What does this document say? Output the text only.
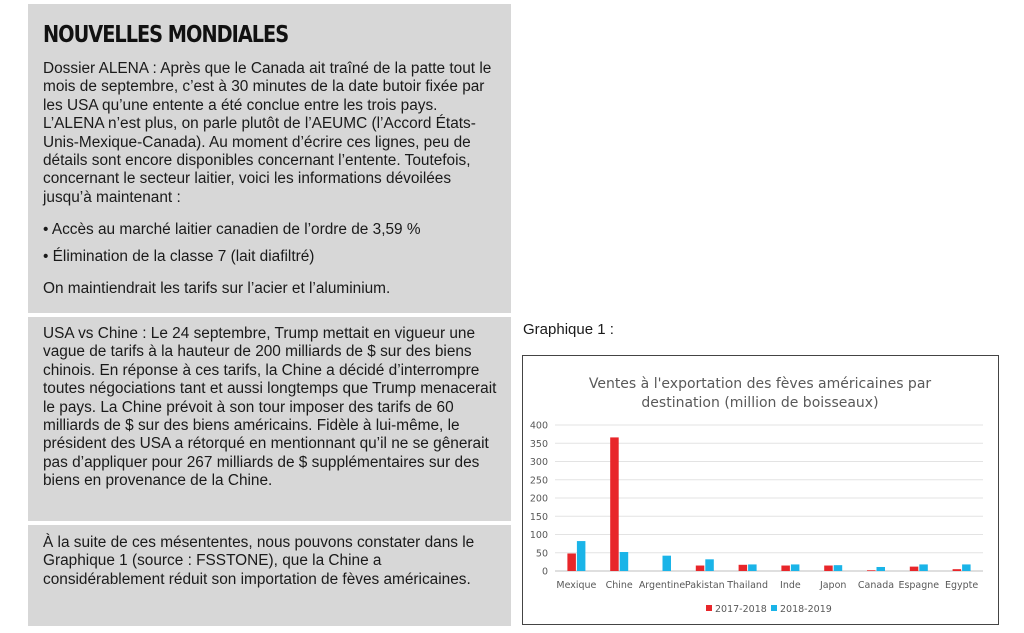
NOUVELLES MONDIALES

Dossier ALENA : Après que le Canada ait traîné de la patte tout le mois de septembre, c’est à 30 minutes de la date butoir fixée par les USA qu’une entente a été conclue entre les trois pays. L’ALENA n’est plus, on parle plutôt de l’AEUMC (l’Accord États-Unis-Mexique-Canada). Au moment d’écrire ces lignes, peu de détails sont encore disponibles concernant l’entente. Toutefois, concernant le secteur laitier, voici les informations dévoilées jusqu’à maintenant :

• Accès au marché laitier canadien de l’ordre de 3,59 %

• Élimination de la classe 7 (lait diafiltré)

On maintiendrait les tarifs sur l’acier et l’aluminium.

USA vs Chine : Le 24 septembre, Trump mettait en vigueur une vague de tarifs à la hauteur de 200 milliards de $ sur des biens chinois. En réponse à ces tarifs, la Chine a décidé d’interrompre toutes négociations tant et aussi longtemps que Trump menacerait le pays. La Chine prévoit à son tour imposer des tarifs de 60 milliards de $ sur des biens américains. Fidèle à lui-même, le président des USA a rétorqué en mentionnant qu’il ne se gênerait pas d’appliquer pour 267 milliards de $ supplémentaires sur des biens en provenance de la Chine.

À la suite de ces mésententes, nous pouvons constater dans le Graphique 1 (source : FSSTONE), que la Chine a considérablement réduit son importation de fèves américaines.

Graphique 1 :
Ventes à l'exportation des fèves américaines par
destination (million de boisseaux)
0
50
100
150
200
250
300
350
400
Mexique Chine Argentine Pakistan Thailand Inde Japon Canada Espagne Egypte
2017-2018 2018-2019
